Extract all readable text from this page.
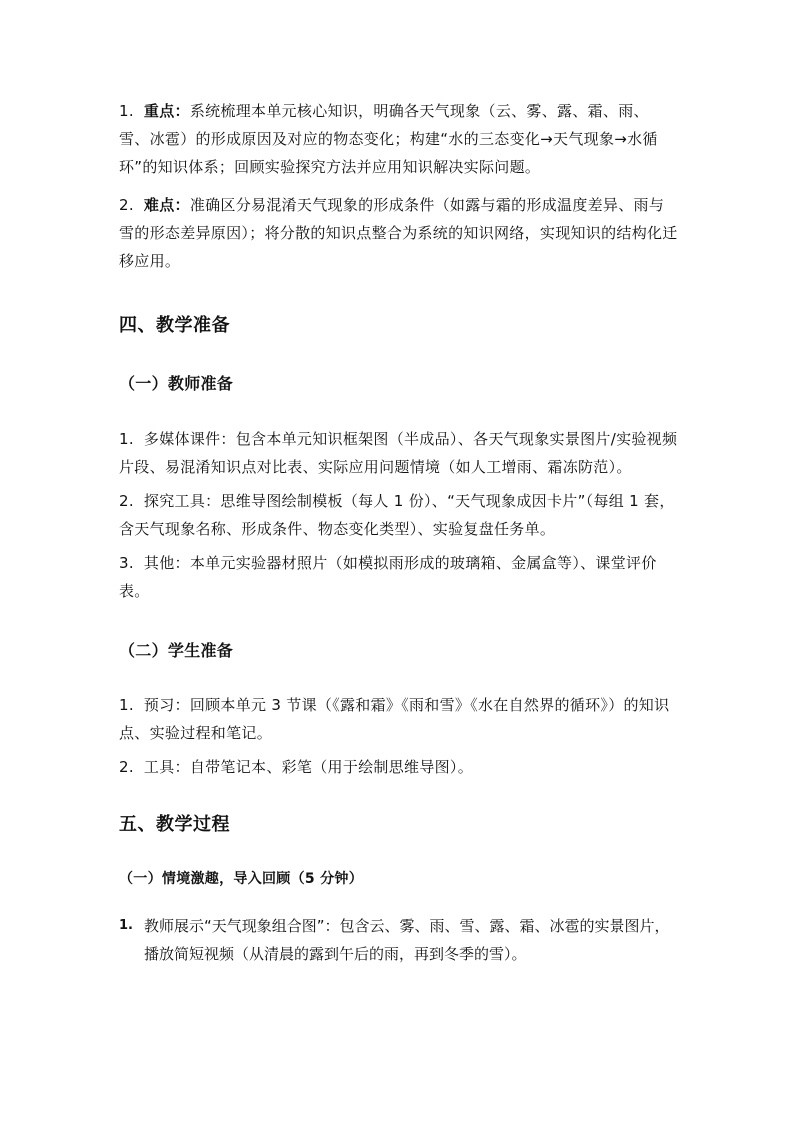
1. 重点：系统梳理本单元核心知识，明确各天气现象（云、雾、露、霜、雨、雪、冰雹）的形成原因及对应的物态变化；构建“水的三态变化→天气现象→水循环”的知识体系；回顾实验探究方法并应用知识解决实际问题。
2. 难点：准确区分易混淆天气现象的形成条件（如露与霜的形成温度差异、雨与雪的形态差异原因）；将分散的知识点整合为系统的知识网络，实现知识的结构化迁移应用。
四、教学准备
（一）教师准备
1. 多媒体课件：包含本单元知识框架图（半成品）、各天气现象实景图片/实验视频片段、易混淆知识点对比表、实际应用问题情境（如人工增雨、霜冻防范）。
2. 探究工具：思维导图绘制模板（每人 1 份）、“天气现象成因卡片”（每组 1 套，含天气现象名称、形成条件、物态变化类型）、实验复盘任务单。
3. 其他：本单元实验器材照片（如模拟雨形成的玻璃箱、金属盒等）、课堂评价表。
（二）学生准备
1. 预习：回顾本单元 3 节课（《露和霜》《雨和雪》《水在自然界的循环》）的知识点、实验过程和笔记。
2. 工具：自带笔记本、彩笔（用于绘制思维导图）。
五、教学过程
（一）情境激趣，导入回顾（5 分钟）
1. 教师展示“天气现象组合图”：包含云、雾、雨、雪、露、霜、冰雹的实景图片，播放简短视频（从清晨的露到午后的雨，再到冬季的雪）。
